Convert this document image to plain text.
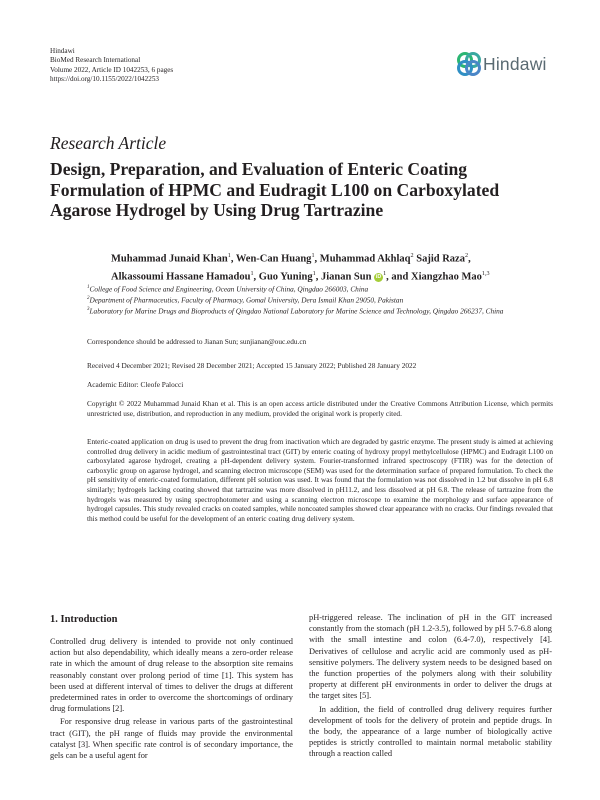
Hindawi
BioMed Research International
Volume 2022, Article ID 1042253, 6 pages
https://doi.org/10.1155/2022/1042253
Hindawi
Research Article
Design, Preparation, and Evaluation of Enteric Coating Formulation of HPMC and Eudragit L100 on Carboxylated Agarose Hydrogel by Using Drug Tartrazine
Muhammad Junaid Khan$^1$, Wen-Can Huang$^1$, Muhammad Akhlaq$^2$ Sajid Raza$^2$,
Alkassoumi Hassane Hamadou$^1$, Guo Yuning$^1$, Jianan Sun $iD^1$, and Xiangzhao Mao$^{1,3}$
$^1$College of Food Science and Engineering, Ocean University of China, Qingdao 266003, China
$^2$Department of Pharmaceutics, Faculty of Pharmacy, Gomal University, Dera Ismail Khan 29050, Pakistan
$^3$Laboratory for Marine Drugs and Bioproducts of Qingdao National Laboratory for Marine Science and Technology, Qingdao 266237, China
Correspondence should be addressed to Jianan Sun; sunjianan@ouc.edu.cn
Received 4 December 2021; Revised 28 December 2021; Accepted 15 January 2022; Published 28 January 2022
Academic Editor: Cleofe Palocci
Copyright © 2022 Muhammad Junaid Khan et al. This is an open access article distributed under the Creative Commons Attribution License, which permits unrestricted use, distribution, and reproduction in any medium, provided the original work is properly cited.
Enteric-coated application on drug is used to prevent the drug from inactivation which are degraded by gastric enzyme. The present study is aimed at achieving controlled drug delivery in acidic medium of gastrointestinal tract (GIT) by enteric coating of hydroxy propyl methylcellulose (HPMC) and Eudragit L100 on carboxylated agarose hydrogel, creating a pH-dependent delivery system. Fourier-transformed infrared spectroscopy (FTIR) was for the detection of carboxylic group on agarose hydrogel, and scanning electron microscope (SEM) was used for the determination surface of prepared formulation. To check the pH sensitivity of enteric-coated formulation, different pH solution was used. It was found that the formulation was not dissolved in 1.2 but dissolve in pH 6.8 similarly; hydrogels lacking coating showed that tartrazine was more dissolved in pH11.2, and less dissolved at pH 6.8. The release of tartrazine from the hydrogels was measured by using spectrophotometer and using a scanning electron microscope to examine the morphology and surface appearance of hydrogel capsules. This study revealed cracks on coated samples, while noncoated samples showed clear appearance with no cracks. Our findings revealed that this method could be useful for the development of an enteric coating drug delivery system.
1. Introduction

Controlled drug delivery is intended to provide not only continued action but also dependability, which ideally means a zero-order release rate in which the amount of drug release to the absorption site remains reasonably constant over prolong period of time [1]. This system has been used at different interval of times to deliver the drugs at different predetermined rates in order to overcome the shortcomings of ordinary drug formulations [2].

For responsive drug release in various parts of the gastrointestinal tract (GIT), the pH range of fluids may provide the environmental catalyst [3]. When specific rate control is of secondary importance, the gels can be a useful agent for

pH-triggered release. The inclination of pH in the GIT increased constantly from the stomach (pH 1.2-3.5), followed by pH 5.7-6.8 along with the small intestine and colon (6.4-7.0), respectively [4]. Derivatives of cellulose and acrylic acid are commonly used as pH-sensitive polymers. The delivery system needs to be designed based on the function properties of the polymers along with their solubility property at different pH environments in order to deliver the drugs at the target sites [5].

In addition, the field of controlled drug delivery requires further development of tools for the delivery of protein and peptide drugs. In the body, the appearance of a large number of biologically active peptides is strictly controlled to maintain normal metabolic stability through a reaction called
